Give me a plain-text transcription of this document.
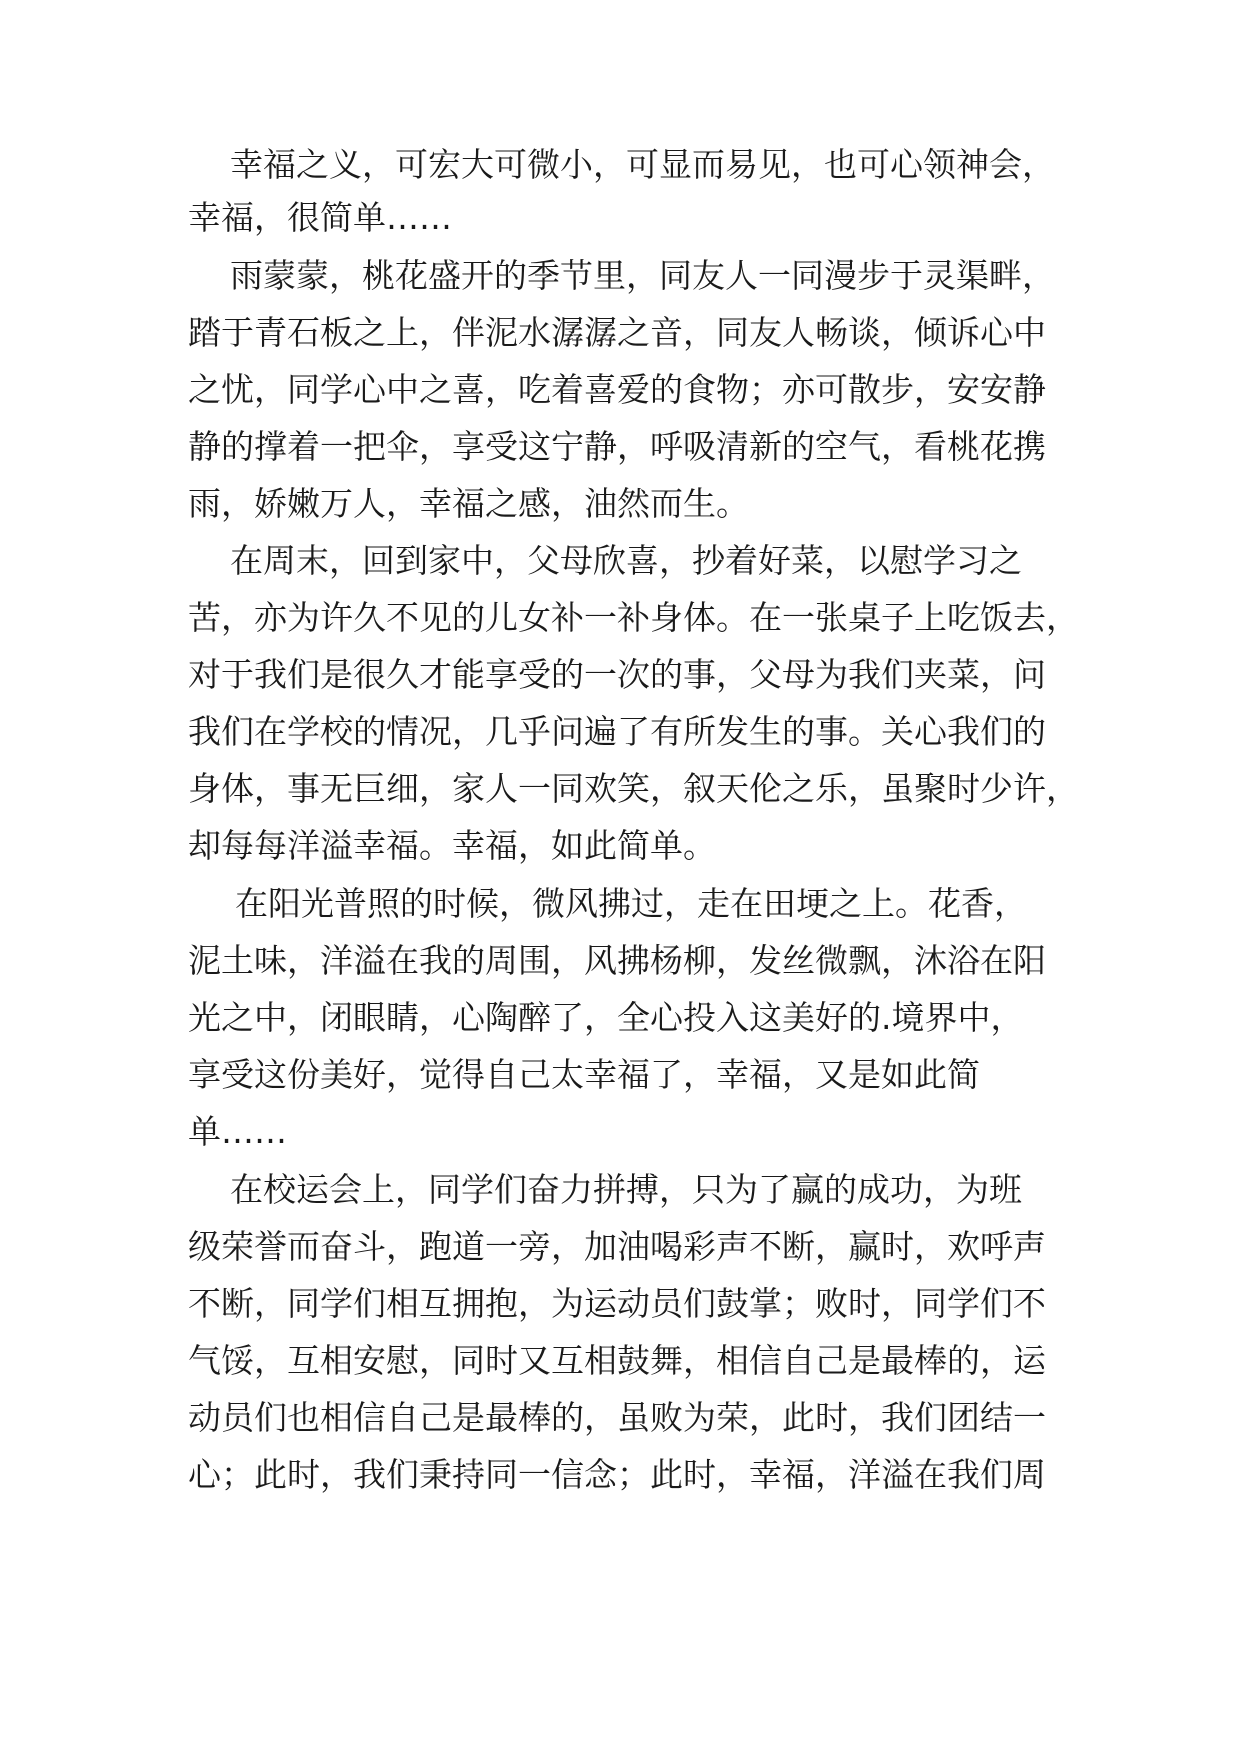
幸福之义，可宏大可微小，可显而易见，也可心领神会，

幸福，很简单……

雨蒙蒙，桃花盛开的季节里，同友人一同漫步于灵渠畔，

踏于青石板之上，伴泥水潺潺之音，同友人畅谈，倾诉心中

之忧，同学心中之喜，吃着喜爱的食物；亦可散步，安安静

静的撑着一把伞，享受这宁静，呼吸清新的空气，看桃花携

雨，娇嫩万人，幸福之感，油然而生。

在周末，回到家中，父母欣喜，抄着好菜，以慰学习之

苦，亦为许久不见的儿女补一补身体。在一张桌子上吃饭去，

对于我们是很久才能享受的一次的事，父母为我们夹菜，问

我们在学校的情况，几乎问遍了有所发生的事。关心我们的

身体，事无巨细，家人一同欢笑，叙天伦之乐，虽聚时少许，

却每每洋溢幸福。幸福，如此简单。

在阳光普照的时候，微风拂过，走在田埂之上。花香，

泥土味，洋溢在我的周围，风拂杨柳，发丝微飘，沐浴在阳

光之中，闭眼睛，心陶醉了，全心投入这美好的.境界中，

享受这份美好，觉得自己太幸福了，幸福，又是如此简

单……

在校运会上，同学们奋力拼搏，只为了赢的成功，为班

级荣誉而奋斗，跑道一旁，加油喝彩声不断，赢时，欢呼声

不断，同学们相互拥抱，为运动员们鼓掌；败时，同学们不

气馁，互相安慰，同时又互相鼓舞，相信自己是最棒的，运

动员们也相信自己是最棒的，虽败为荣，此时，我们团结一

心；此时，我们秉持同一信念；此时，幸福，洋溢在我们周
